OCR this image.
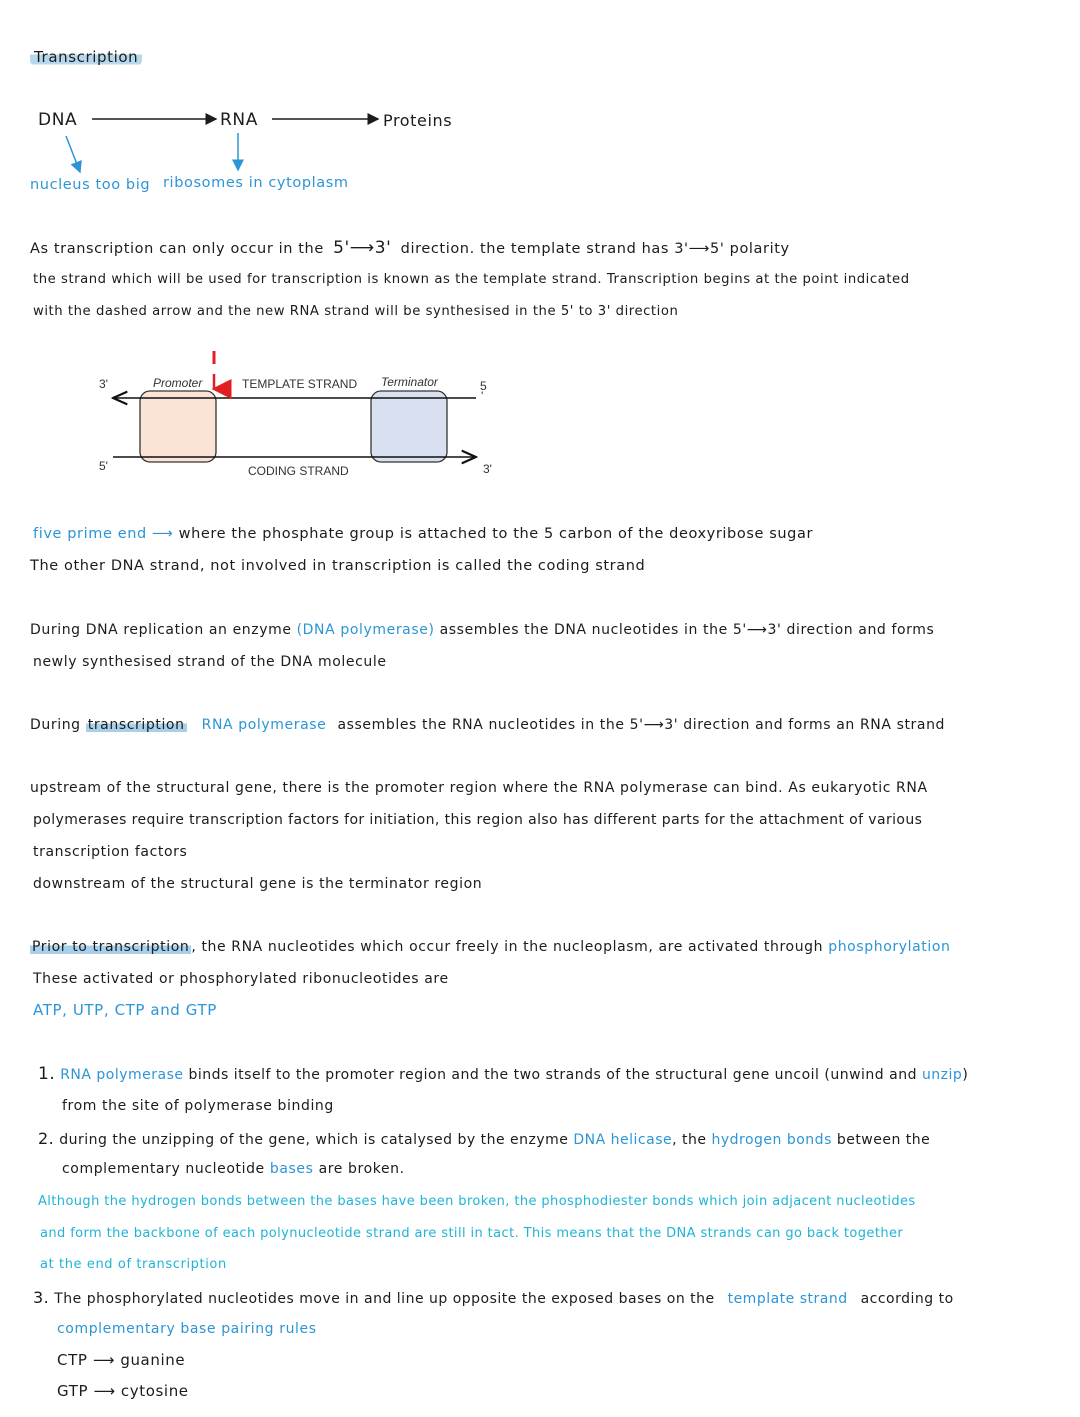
Transcription
DNA	RNA	Proteins
nucleus too big ribosomes in cytoplasm
As transcription can only occur in the 5'⟶3' direction. the template strand has 3'⟶5' polarity
the strand which will be used for transcription is known as the template strand. Transcription begins at the point indicated
with the dashed arrow and the new RNA strand will be synthesised in the 5' to 3' direction
3'	Promoter	TEMPLATE STRAND Terminator	5
'
5'	CODING STRAND	3'
five prime end ⟶ where the phosphate group is attached to the 5 carbon of the deoxyribose sugar
The other DNA strand, not involved in transcription is called the coding strand
During DNA replication an enzyme (DNA polymerase) assembles the DNA nucleotides in the 5'⟶3' direction and forms
newly synthesised strand of the DNA molecule
During transcription RNA polymerase assembles the RNA nucleotides in the 5'⟶3' direction and forms an RNA strand
upstream of the structural gene, there is the promoter region where the RNA polymerase can bind. As eukaryotic RNA
polymerases require transcription factors for initiation, this region also has different parts for the attachment of various
transcription factors
downstream of the structural gene is the terminator region
Prior to transcription , the RNA nucleotides which occur freely in the nucleoplasm, are activated through phosphorylation
These activated or phosphorylated ribonucleotides are
ATP, UTP, CTP and GTP
1. RNA polymerase binds itself to the promoter region and the two strands of the structural gene uncoil (unwind and unzip)
from the site of polymerase binding
2. during the unzipping of the gene, which is catalysed by the enzyme DNA helicase, the hydrogen bonds between the
complementary nucleotide bases are broken.
Although the hydrogen bonds between the bases have been broken, the phosphodiester bonds which join adjacent nucleotides
and form the backbone of each polynucleotide strand are still in tact. This means that the DNA strands can go back together
at the end of transcription
3. The phosphorylated nucleotides move in and line up opposite the exposed bases on the template strand according to
complementary base pairing rules
CTP ⟶ guanine
GTP ⟶ cytosine
